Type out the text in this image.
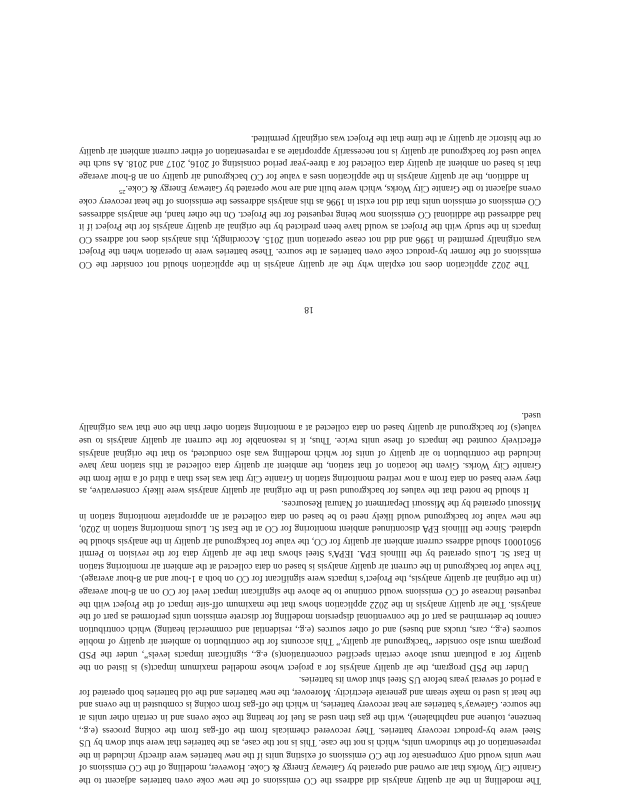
The modelling in the air quality analysis did address the CO emissions of the new coke oven batteries adjacent to the Granite City Works that are owned and operated by Gateway Energy & Coke. However, modelling of the CO emissions of new units would only compensate for the CO emissions of existing units if the new batteries were directly included in the representation of the shutdown units, which is not the case. This is not the case, as the batteries that were shut down by US Steel were by-product recovery batteries. They recovered chemicals from the off-gas from the coking process (e.g., benzene, toluene and naphthalene), with the gas then used as fuel for heating the coke ovens and in certain other units at the source. Gateway’s batteries are heat recovery batteries, in which the off-gas from coking is combusted in the ovens and the heat is used to make steam and generate electricity. Moreover, the new batteries and the old batteries both operated for a period of several years before US Steel shut down its batteries.

Under the PSD program, the air quality analysis for a project whose modelled maximum impact(s) is listed on the quality for a pollutant must above certain specified concentration(s) e.g., significant impacts levels”, under the PSD program must also consider “background air quality.” This accounts for the contribution to ambient air quality of mobile sources (e.g., cars, trucks and buses) and of other sources (e.g., residential and commercial heating) which contribution cannot be determined as part of the conventional dispersion modelling for discrete emission units performed as part of the analysis. The air quality analysis in the 2022 application shows that the maximum off-site impact of the Project with the requested increase of CO emissions would continue to be above the significant impact level for CO on an 8-hour average (in the original air quality analysis, the Project’s impacts were significant for CO on both a 1-hour and an 8-hour average). The value for background in the current air quality analysis is based on data collected at the ambient air monitoring station in East St. Louis operated by the Illinois EPA. IEPA’s Steel shows that the air quality data for the revision to Permit 95010001 should address current ambient air quality for CO, the value for background air quality in the analysis should be updated. Since the Illinois EPA discontinued ambient monitoring for CO at the East St. Louis monitoring station in 2020, the new value for background would likely need to be based on data collected at an appropriate monitoring station in Missouri operated by the Missouri Department of Natural Resources.

It should be noted that the values for background used in the original air quality analysis were likely conservative, as they were based on data from a now retired monitoring station in Granite City that was less than a third of a mile from the Granite City Works. Given the location of that station, the ambient air quality data collected at this station may have included the contribution to air quality of units for which modelling was also conducted, so that the original analysis effectively counted the impacts of these units twice. Thus, it is reasonable for the current air quality analysis to use value(s) for background air quality based on data collected at a monitoring station other than the one that was originally used.

18

The 2022 application does not explain why the air quality analysis in the application should not consider the CO emissions of the former by-product coke oven batteries at the source. These batteries were in operation when the Project was originally permitted in 1996 and did not cease operation until 2015. Accordingly, this analysis does not address CO impacts in the study with the Project as would have been predicted by the original air quality analysis for the Project if it had addressed the additional CO emissions now being requested for the Project. On the other hand, the analysis addresses CO emissions of emission units that did not exist in 1996 as this analysis addresses the emissions of the heat recovery coke ovens adjacent to the Granite City Works, which were built and are now operated by Gateway Energy & Coke.$^{25}$

In addition, the air quality analysis in the application uses a value for CO background air quality on an 8-hour average that is based on ambient air quality data collected for a three-year period consisting of 2016, 2017 and 2018. As such the value used for background air quality is not necessarily appropriate as a representation of either current ambient air quality or the historic air quality at the time that the Project was originally permitted.
